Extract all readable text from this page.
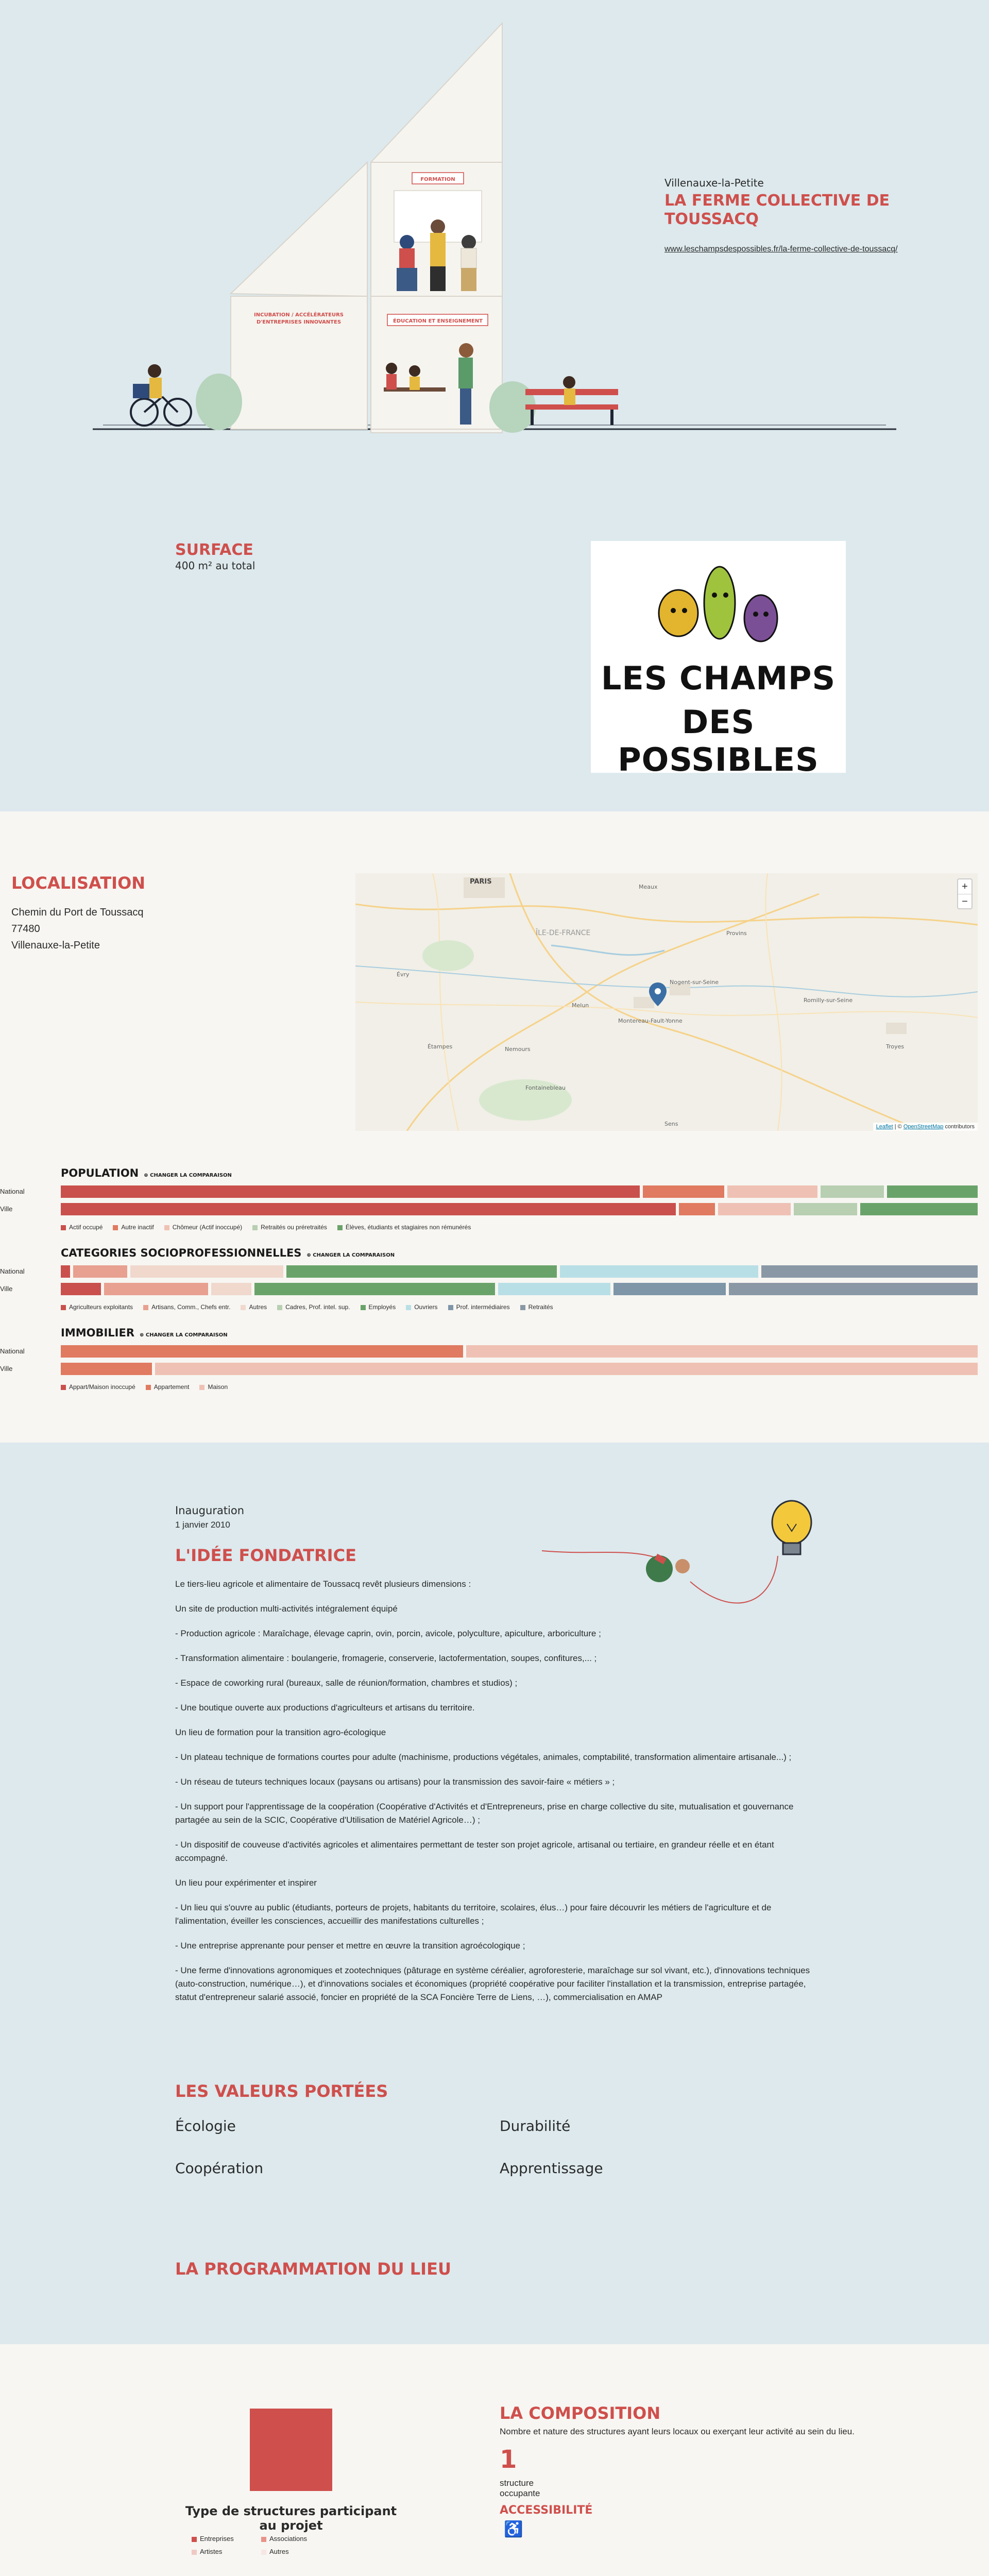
FORMATION
INCUBATION / ACCÉLÉRATEURS
D'ENTREPRISES INNOVANTES	ÉDUCATION ET ENSEIGNEMENT
Villenauxe-la-Petite
LA FERME COLLECTIVE DE TOUSSACQ
www.leschampsdespossibles.fr/la-ferme-collective-de-toussacq/
SURFACE
400 m² au total
LES CHAMPS
DES POSSIBLES
LOCALISATION
Chemin du Port de Toussacq
77480
Villenauxe-la-Petite
PARIS
ÎLE-DE-FRANCE
Melun
Fontainebleau
Provins
Montereau-Fault-Yonne
Nogent-sur-Seine
Sens
Étampes
Évry
Meaux
Nemours
Romilly-sur-Seine
Troyes
+
−
Leaflet | © OpenStreetMap contributors
POPULATION ⊕ CHANGER LA COMPARAISON
National
Ville
Actif occupé	Autre inactif	Chômeur (Actif inoccupé)	Retraités ou préretraités	Élèves, étudiants et stagiaires non rémunérés
CATEGORIES SOCIOPROFESSIONNELLES ⊕ CHANGER LA COMPARAISON
National
Ville
Agriculteurs exploitants	Artisans, Comm., Chefs entr.	Autres	Cadres, Prof. intel. sup.	Employés	Ouvriers	Prof. intermédiaires	Retraités
IMMOBILIER ⊕ CHANGER LA COMPARAISON
National
Ville
Appart/Maison inoccupé	Appartement	Maison
Inauguration
1 janvier 2010
L'IDÉE FONDATRICE

Le tiers-lieu agricole et alimentaire de Toussacq revêt plusieurs dimensions :

Un site de production multi-activités intégralement équipé

- Production agricole : Maraîchage, élevage caprin, ovin, porcin, avicole, polyculture, apiculture, arboriculture ;

- Transformation alimentaire : boulangerie, fromagerie, conserverie, lactofermentation, soupes, confitures,... ;

- Espace de coworking rural (bureaux, salle de réunion/formation, chambres et studios) ;

- Une boutique ouverte aux productions d'agriculteurs et artisans du territoire.

Un lieu de formation pour la transition agro-écologique

- Un plateau technique de formations courtes pour adulte (machinisme, productions végétales, animales, comptabilité, transformation alimentaire artisanale...) ;

- Un réseau de tuteurs techniques locaux (paysans ou artisans) pour la transmission des savoir-faire « métiers » ;

- Un support pour l'apprentissage de la coopération (Coopérative d'Activités et d'Entrepreneurs, prise en charge collective du site, mutualisation et gouvernance partagée au sein de la SCIC, Coopérative d'Utilisation de Matériel Agricole…) ;

- Un dispositif de couveuse d'activités agricoles et alimentaires permettant de tester son projet agricole, artisanal ou tertiaire, en grandeur réelle et en étant accompagné.

Un lieu pour expérimenter et inspirer

- Un lieu qui s'ouvre au public (étudiants, porteurs de projets, habitants du territoire, scolaires, élus…) pour faire découvrir les métiers de l'agriculture et de l'alimentation, éveiller les consciences, accueillir des manifestations culturelles ;

- Une entreprise apprenante pour penser et mettre en œuvre la transition agroécologique ;

- Une ferme d'innovations agronomiques et zootechniques (pâturage en système céréalier, agroforesterie, maraîchage sur sol vivant, etc.), d'innovations techniques (auto-construction, numérique…), et d'innovations sociales et économiques (propriété coopérative pour faciliter l'installation et la transmission, entreprise partagée, statut d'entrepreneur salarié associé, foncier en propriété de la SCA Foncière Terre de Liens, …), commercialisation en AMAP

LES VALEURS PORTÉES
Écologie	Durabilité
Coopération	Apprentissage
LA PROGRAMMATION DU LIEU
Type de structures participant au projet
Entreprises	Associations
Artistes	Autres
LA COMPOSITION
Nombre et nature des structures ayant leurs locaux ou exerçant leur activité au sein du lieu.
1
structure
occupante
ACCESSIBILITÉ
♿
